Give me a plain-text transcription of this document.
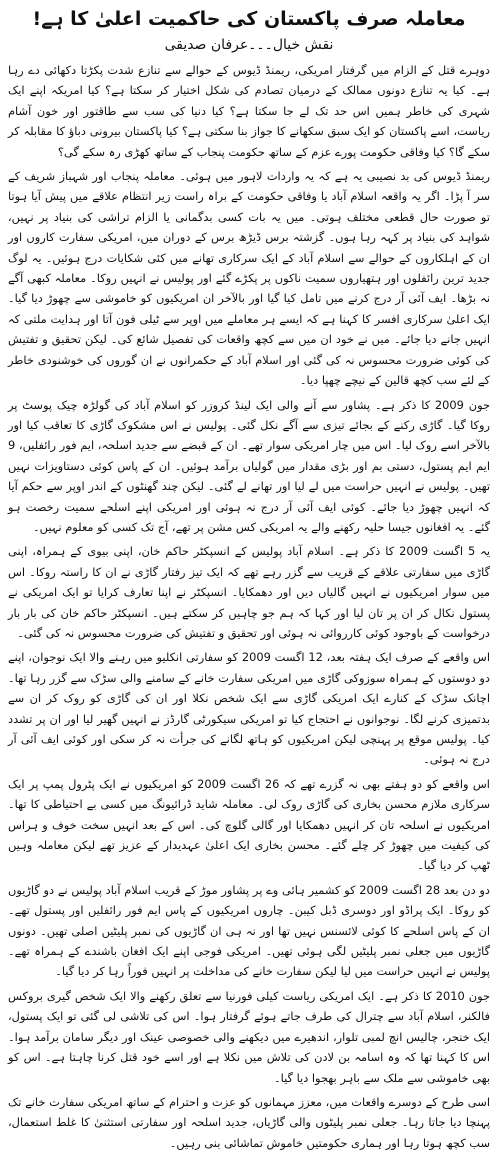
معاملہ صرف پاکستان کی حاکمیت اعلیٰ کا ہے!
نقش خیال۔۔۔عرفان صدیقی

دوہرے قتل کے الزام میں گرفتار امریکی، ریمنڈ ڈیوس کے حوالے سے تنازع شدت پکڑتا دکھائی دے رہا ہے۔ کیا یہ تنازع دونوں ممالک کے درمیان تصادم کی شکل اختیار کر سکتا ہے؟ کیا امریکہ اپنے ایک شہری کی خاطر ہمیں اس حد تک لے جا سکتا ہے؟ کیا دنیا کی سب سے طاقتور اور خون آشام ریاست، اسے پاکستان کو ایک سبق سکھانے کا جواز بنا سکتی ہے؟ کیا پاکستان بیرونی دباؤ کا مقابلہ کر سکے گا؟ کیا وفاقی حکومت پورے عزم کے ساتھ حکومت پنجاب کے ساتھ کھڑی رہ سکے گی؟

ریمنڈ ڈیوس کی بد نصیبی یہ ہے کہ یہ واردات لاہور میں ہوئی۔ معاملہ پنجاب اور شہباز شریف کے سر آ پڑا۔ اگر یہ واقعہ اسلام آباد یا وفاقی حکومت کے براہ راست زیر انتظام علاقے میں پیش آیا ہوتا تو صورت حال قطعی مختلف ہوتی۔ میں یہ بات کسی بدگمانی یا الزام تراشی کی بنیاد پر نہیں، شواہد کی بنیاد پر کہہ رہا ہوں۔ گزشتہ برس ڈیڑھ برس کے دوران میں، امریکی سفارت کاروں اور ان کے اہلکاروں کے حوالے سے اسلام آباد کے ایک سرکاری تھانے میں کئی شکایات درج ہوئیں۔ یہ لوگ جدید ترین رائفلوں اور ہتھیاروں سمیت ناکوں پر پکڑے گئے اور پولیس نے انہیں روکا۔ معاملہ کبھی آگے نہ بڑھا۔ ایف آئی آر درج کرنے میں تامل کیا گیا اور بالآخر ان امریکیوں کو خاموشی سے چھوڑ دیا گیا۔ ایک اعلیٰ سرکاری افسر کا کہنا ہے کہ ایسے ہر معاملے میں اوپر سے ٹیلی فون آتا اور ہدایت ملتی کہ انہیں جانے دیا جائے۔ میں نے خود ان میں سے کچھ واقعات کی تفصیل شائع کی۔ لیکن تحقیق و تفتیش کی کوئی ضرورت محسوس نہ کی گئی اور اسلام آباد کے حکمرانوں نے ان گوروں کی خوشنودی خاطر کے لئے سب کچھ قالین کے نیچے چھپا دیا۔

جون 2009 کا ذکر ہے۔ پشاور سے آنے والی ایک لینڈ کروزر کو اسلام آباد کی گولڑہ چیک پوسٹ پر روکا گیا۔ گاڑی رکنے کے بجائے تیزی سے آگے نکل گئی۔ پولیس نے اس مشکوک گاڑی کا تعاقب کیا اور بالآخر اسے روک لیا۔ اس میں چار امریکی سوار تھے۔ ان کے قبضے سے جدید اسلحہ، ایم فور رائفلیں، 9 ایم ایم پستول، دستی بم اور بڑی مقدار میں گولیاں برآمد ہوئیں۔ ان کے پاس کوئی دستاویزات نہیں تھیں۔ پولیس نے انہیں حراست میں لے لیا اور تھانے لے گئی۔ لیکن چند گھنٹوں کے اندر اوپر سے حکم آیا کہ انہیں چھوڑ دیا جائے۔ کوئی ایف آئی آر درج نہ ہوئی اور امریکی اپنے اسلحے سمیت رخصت ہو گئے۔ یہ افغانوں جیسا حلیہ رکھنے والے یہ امریکی کس مشن پر تھے، آج تک کسی کو معلوم نہیں۔

یہ 5 اگست 2009 کا ذکر ہے۔ اسلام آباد پولیس کے انسپکٹر حاکم خان، اپنی بیوی کے ہمراہ، اپنی گاڑی میں سفارتی علاقے کے قریب سے گزر رہے تھے کہ ایک تیز رفتار گاڑی نے ان کا راستہ روکا۔ اس میں سوار امریکیوں نے انہیں گالیاں دیں اور دھمکایا۔ انسپکٹر نے اپنا تعارف کرایا تو ایک امریکی نے پستول نکال کر ان پر تان لیا اور کہا کہ ہم جو چاہیں کر سکتے ہیں۔ انسپکٹر حاکم خان کی بار بار درخواست کے باوجود کوئی کارروائی نہ ہوئی اور تحقیق و تفتیش کی ضرورت محسوس نہ کی گئی۔

اس واقعے کے صرف ایک ہفتہ بعد، 12 اگست 2009 کو سفارتی انکلیو میں رہنے والا ایک نوجوان، اپنے دو دوستوں کے ہمراہ سوزوکی گاڑی میں امریکی سفارت خانے کے سامنے والی سڑک سے گزر رہا تھا۔ اچانک سڑک کے کنارے ایک امریکی گاڑی سے ایک شخص نکلا اور ان کی گاڑی کو روک کر ان سے بدتمیزی کرنے لگا۔ نوجوانوں نے احتجاج کیا تو امریکی سیکورٹی گارڈز نے انہیں گھیر لیا اور ان پر تشدد کیا۔ پولیس موقع پر پہنچی لیکن امریکیوں کو ہاتھ لگانے کی جرأت نہ کر سکی اور کوئی ایف آئی آر درج نہ ہوئی۔

اس واقعے کو دو ہفتے بھی نہ گزرے تھے کہ 26 اگست 2009 کو امریکیوں نے ایک پٹرول پمپ پر ایک سرکاری ملازم محسن بخاری کی گاڑی روک لی۔ معاملہ شاید ڈرائیونگ میں کسی بے احتیاطی کا تھا۔ امریکیوں نے اسلحہ تان کر انہیں دھمکایا اور گالی گلوچ کی۔ اس کے بعد انہیں سخت خوف و ہراس کی کیفیت میں چھوڑ کر چلے گئے۔ محسن بخاری ایک اعلیٰ عہدیدار کے عزیز تھے لیکن معاملہ وہیں ٹھپ کر دیا گیا۔

دو دن بعد 28 اگست 2009 کو کشمیر ہائی وے پر پشاور موڑ کے قریب اسلام آباد پولیس نے دو گاڑیوں کو روکا۔ ایک پراڈو اور دوسری ڈبل کیبن۔ چاروں امریکیوں کے پاس ایم فور رائفلیں اور پستول تھے۔ ان کے پاس اسلحے کا کوئی لائسنس نہیں تھا اور نہ ہی ان گاڑیوں کی نمبر پلیٹیں اصلی تھیں۔ دونوں گاڑیوں میں جعلی نمبر پلیٹیں لگی ہوئی تھیں۔ امریکی فوجی اپنے ایک افغان باشندے کے ہمراہ تھے۔ پولیس نے انہیں حراست میں لیا لیکن سفارت خانے کی مداخلت پر انہیں فوراً رہا کر دیا گیا۔

جون 2010 کا ذکر ہے۔ ایک امریکی ریاست کیلی فورنیا سے تعلق رکھنے والا ایک شخص گیری بروکس فالکنر، اسلام آباد سے چترال کی طرف جاتے ہوئے گرفتار ہوا۔ اس کی تلاشی لی گئی تو ایک پستول، ایک خنجر، چالیس انچ لمبی تلوار، اندھیرے میں دیکھنے والی خصوصی عینک اور دیگر سامان برآمد ہوا۔ اس کا کہنا تھا کہ وہ اسامہ بن لادن کی تلاش میں نکلا ہے اور اسے خود قتل کرنا چاہتا ہے۔ اس کو بھی خاموشی سے ملک سے باہر بھجوا دیا گیا۔

اسی طرح کے دوسرے واقعات میں، معزز مہمانوں کو عزت و احترام کے ساتھ امریکی سفارت خانے تک پہنچا دیا جاتا رہا۔ جعلی نمبر پلیٹوں والی گاڑیاں، جدید اسلحہ اور سفارتی استثنیٰ کا غلط استعمال، سب کچھ ہوتا رہا اور ہماری حکومتیں خاموش تماشائی بنی رہیں۔
